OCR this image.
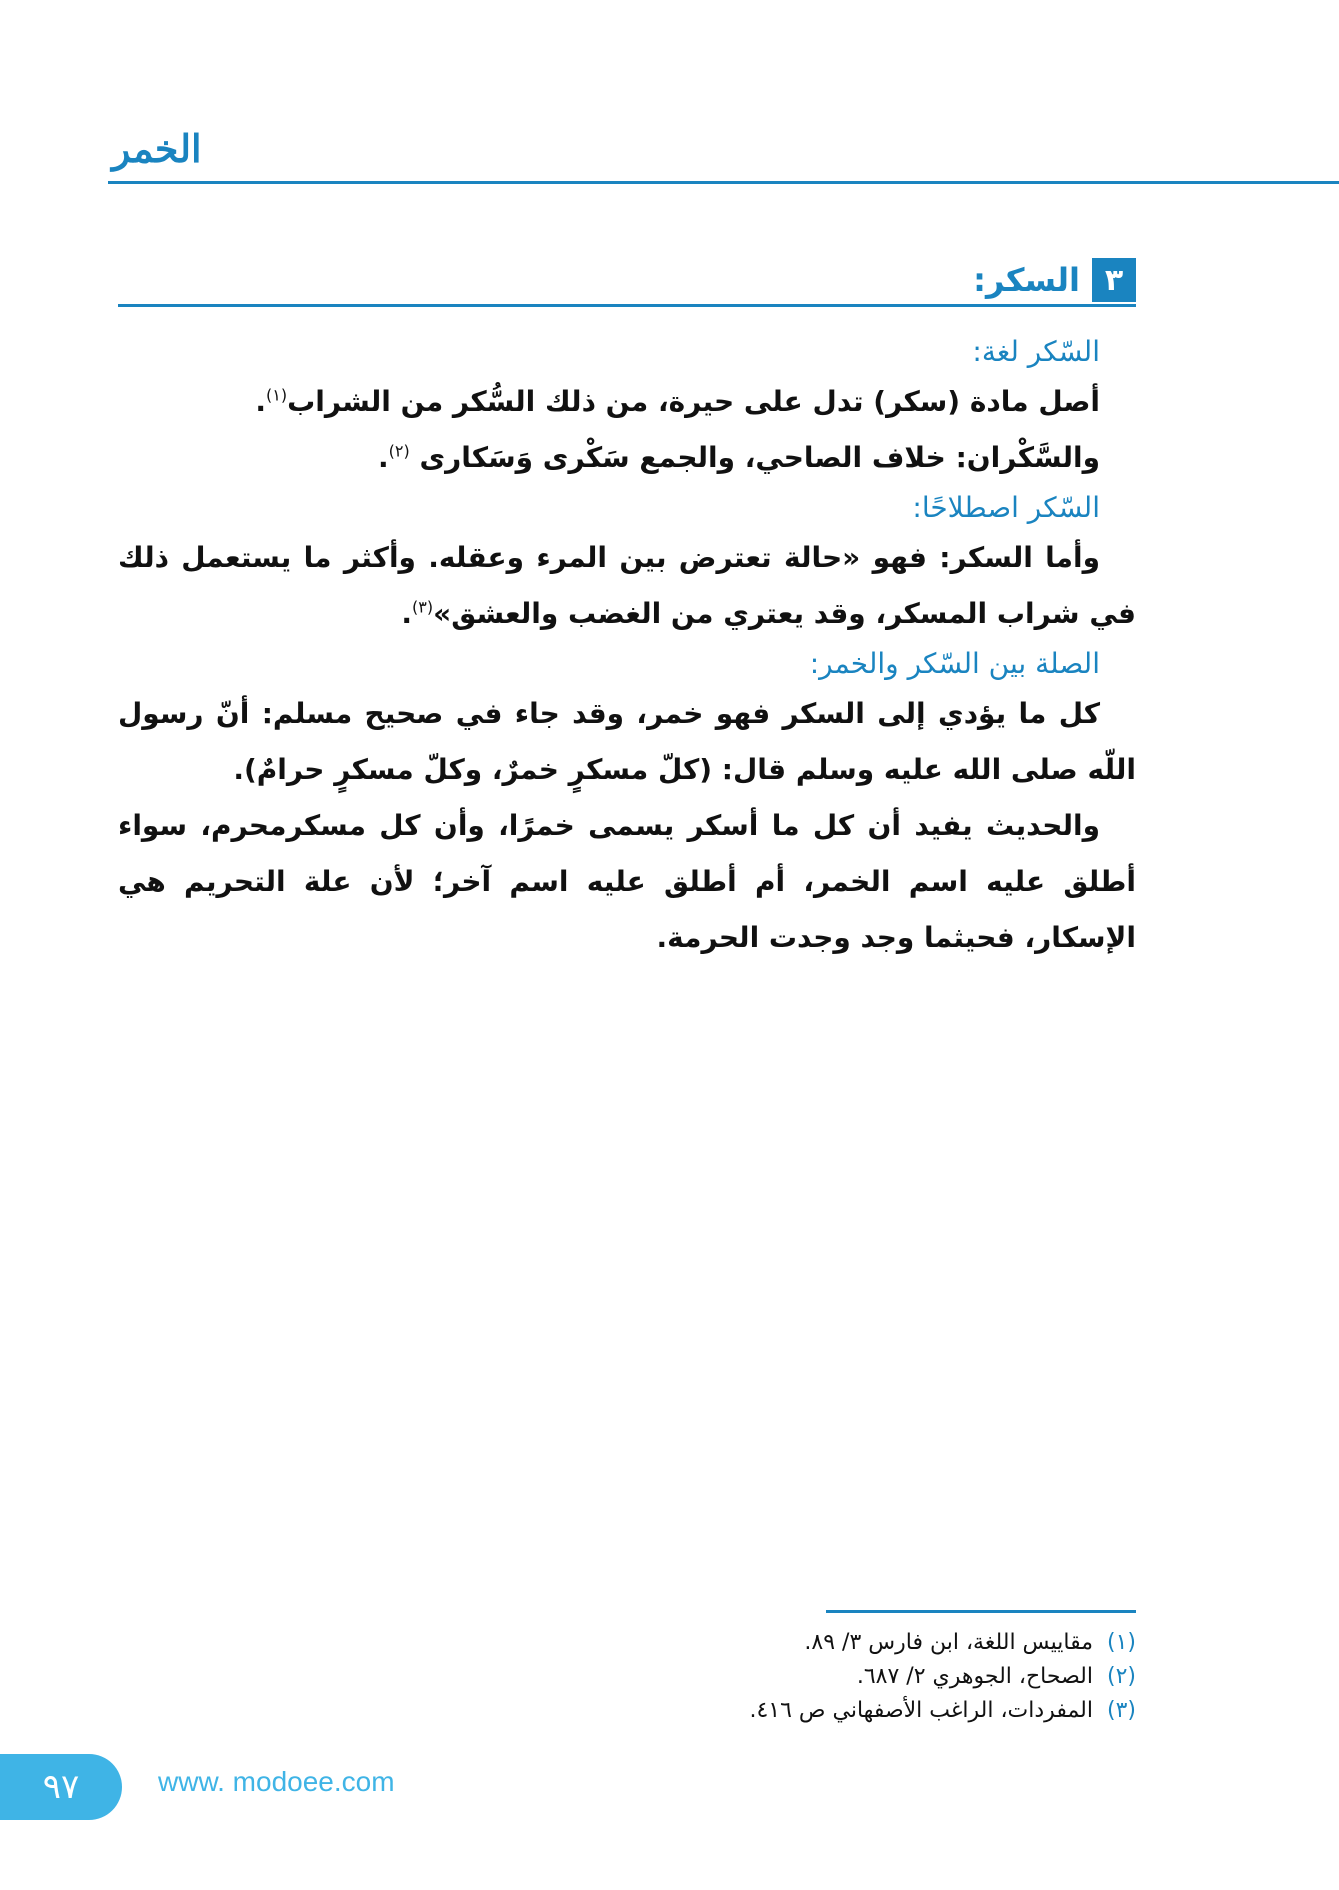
الخمر
٣
السكر:

السّكر لغة:

أصل مادة (سكر) تدل على حيرة، من ذلك السُّكر من الشراب$^{(١)}$.

والسَّكْران: خلاف الصاحي، والجمع سَكْرى وَسَكارى $^{(٢)}$.

السّكر اصطلاحًا:

وأما السكر: فهو «حالة تعترض بين المرء وعقله. وأكثر ما يستعمل ذلك في شراب المسكر، وقد يعتري من الغضب والعشق»$^{(٣)}$.

الصلة بين السّكر والخمر:

كل ما يؤدي إلى السكر فهو خمر، وقد جاء في صحيح مسلم: أنّ رسول اللّه صلى الله عليه وسلم قال: (كلّ مسكرٍ خمرٌ، وكلّ مسكرٍ حرامٌ).

والحديث يفيد أن كل ما أسكر يسمى خمرًا، وأن كل مسكرمحرم، سواء أطلق عليه اسم الخمر، أم أطلق عليه اسم آخر؛ لأن علة التحريم هي الإسكار، فحيثما وجد وجدت الحرمة.

(١)مقاييس اللغة، ابن فارس ٣/ ٨٩.

(٢)الصحاح، الجوهري ٢/ ٦٨٧.

(٣)المفردات، الراغب الأصفهاني ص ٤١٦.

٩٧	www. modoee.com
